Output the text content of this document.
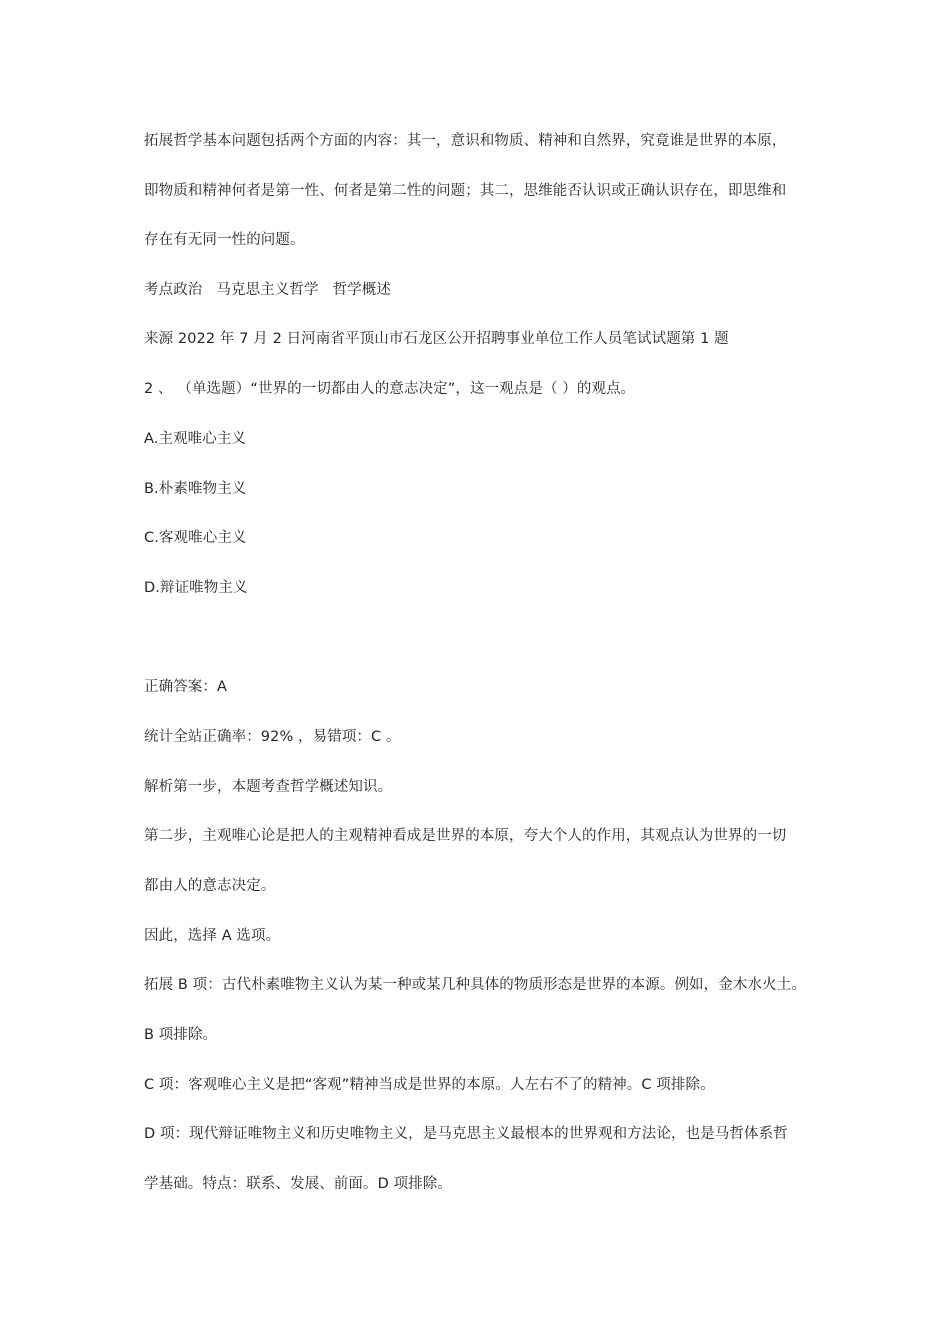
拓展哲学基本问题包括两个方面的内容：其一，意识和物质、精神和自然界，究竟谁是世界的本原，
即物质和精神何者是第一性、何者是第二性的问题；其二，思维能否认识或正确认识存在，即思维和
存在有无同一性的问题。
考点政治 马克思主义哲学 哲学概述
来源 2022 年 7 月 2 日河南省平顶山市石龙区公开招聘事业单位工作人员笔试试题第 1 题
2 、 （单选题）“世界的一切都由人的意志决定”，这一观点是（ ）的观点。
A.主观唯心主义
B.朴素唯物主义
C.客观唯心主义
D.辩证唯物主义
正确答案：A
统计全站正确率：92% ，易错项：C 。
解析第一步，本题考查哲学概述知识。
第二步，主观唯心论是把人的主观精神看成是世界的本原，夸大个人的作用，其观点认为世界的一切
都由人的意志决定。
因此，选择 A 选项。
拓展 B 项：古代朴素唯物主义认为某一种或某几种具体的物质形态是世界的本源。例如，金木水火土。
B 项排除。
C 项：客观唯心主义是把“客观”精神当成是世界的本原。人左右不了的精神。C 项排除。
D 项：现代辩证唯物主义和历史唯物主义，是马克思主义最根本的世界观和方法论，也是马哲体系哲
学基础。特点：联系、发展、前面。D 项排除。
